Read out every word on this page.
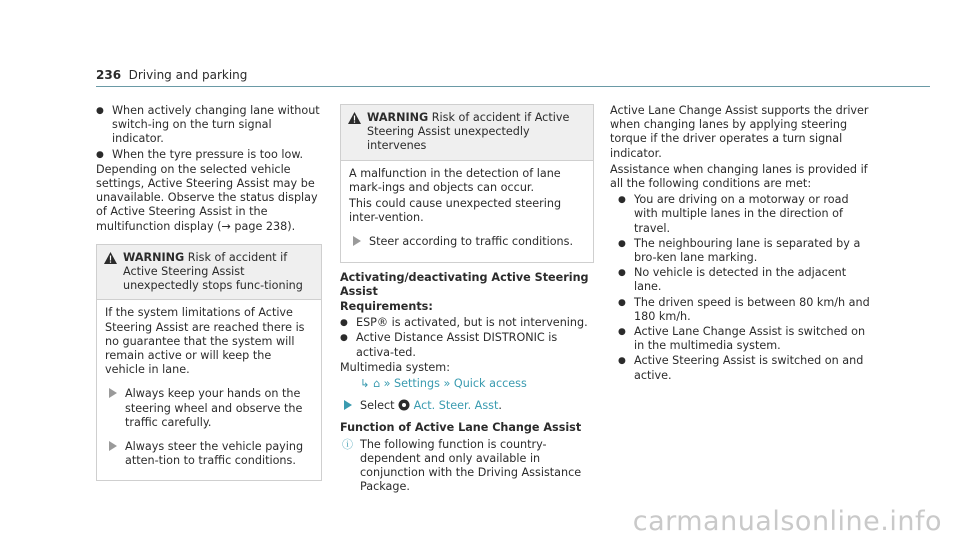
236 Driving and parking
● When actively changing lane without switch-ing on the turn signal indicator.
● When the tyre pressure is too low.

Depending on the selected vehicle settings, Active Steering Assist may be unavailable. Observe the status display of Active Steering Assist in the multifunction display (→ page 238).

WARNING Risk of accident if Active Steering Assist unexpectedly stops func-tioning

If the system limitations of Active Steering Assist are reached there is no guarantee that the system will remain active or will keep the vehicle in lane.

Always keep your hands on the steering wheel and observe the traffic carefully.
Always steer the vehicle paying atten-tion to traffic conditions.
WARNING Risk of accident if Active Steering Assist unexpectedly intervenes

A malfunction in the detection of lane mark-ings and objects can occur.

This could cause unexpected steering inter-vention.

Steer according to traffic conditions.
Activating/deactivating Active Steering Assist
Requirements:
● ESP® is activated, but is not intervening.
● Active Distance Assist DISTRONIC is activa-ted.

Multimedia system:

↳ ⌂ » Settings » Quick access
Select Act. Steer. Asst.
Function of Active Lane Change Assist
ⓘ The following function is country-dependent and only available in conjunction with the Driving Assistance Package.

Active Lane Change Assist supports the driver when changing lanes by applying steering torque if the driver operates a turn signal indicator.

Assistance when changing lanes is provided if all the following conditions are met:

● You are driving on a motorway or road with multiple lanes in the direction of travel.
● The neighbouring lane is separated by a bro-ken lane marking.
● No vehicle is detected in the adjacent lane.
● The driven speed is between 80 km/h and 180 km/h.
● Active Lane Change Assist is switched on in the multimedia system.
● Active Steering Assist is switched on and active.
carmanualsonline.info
